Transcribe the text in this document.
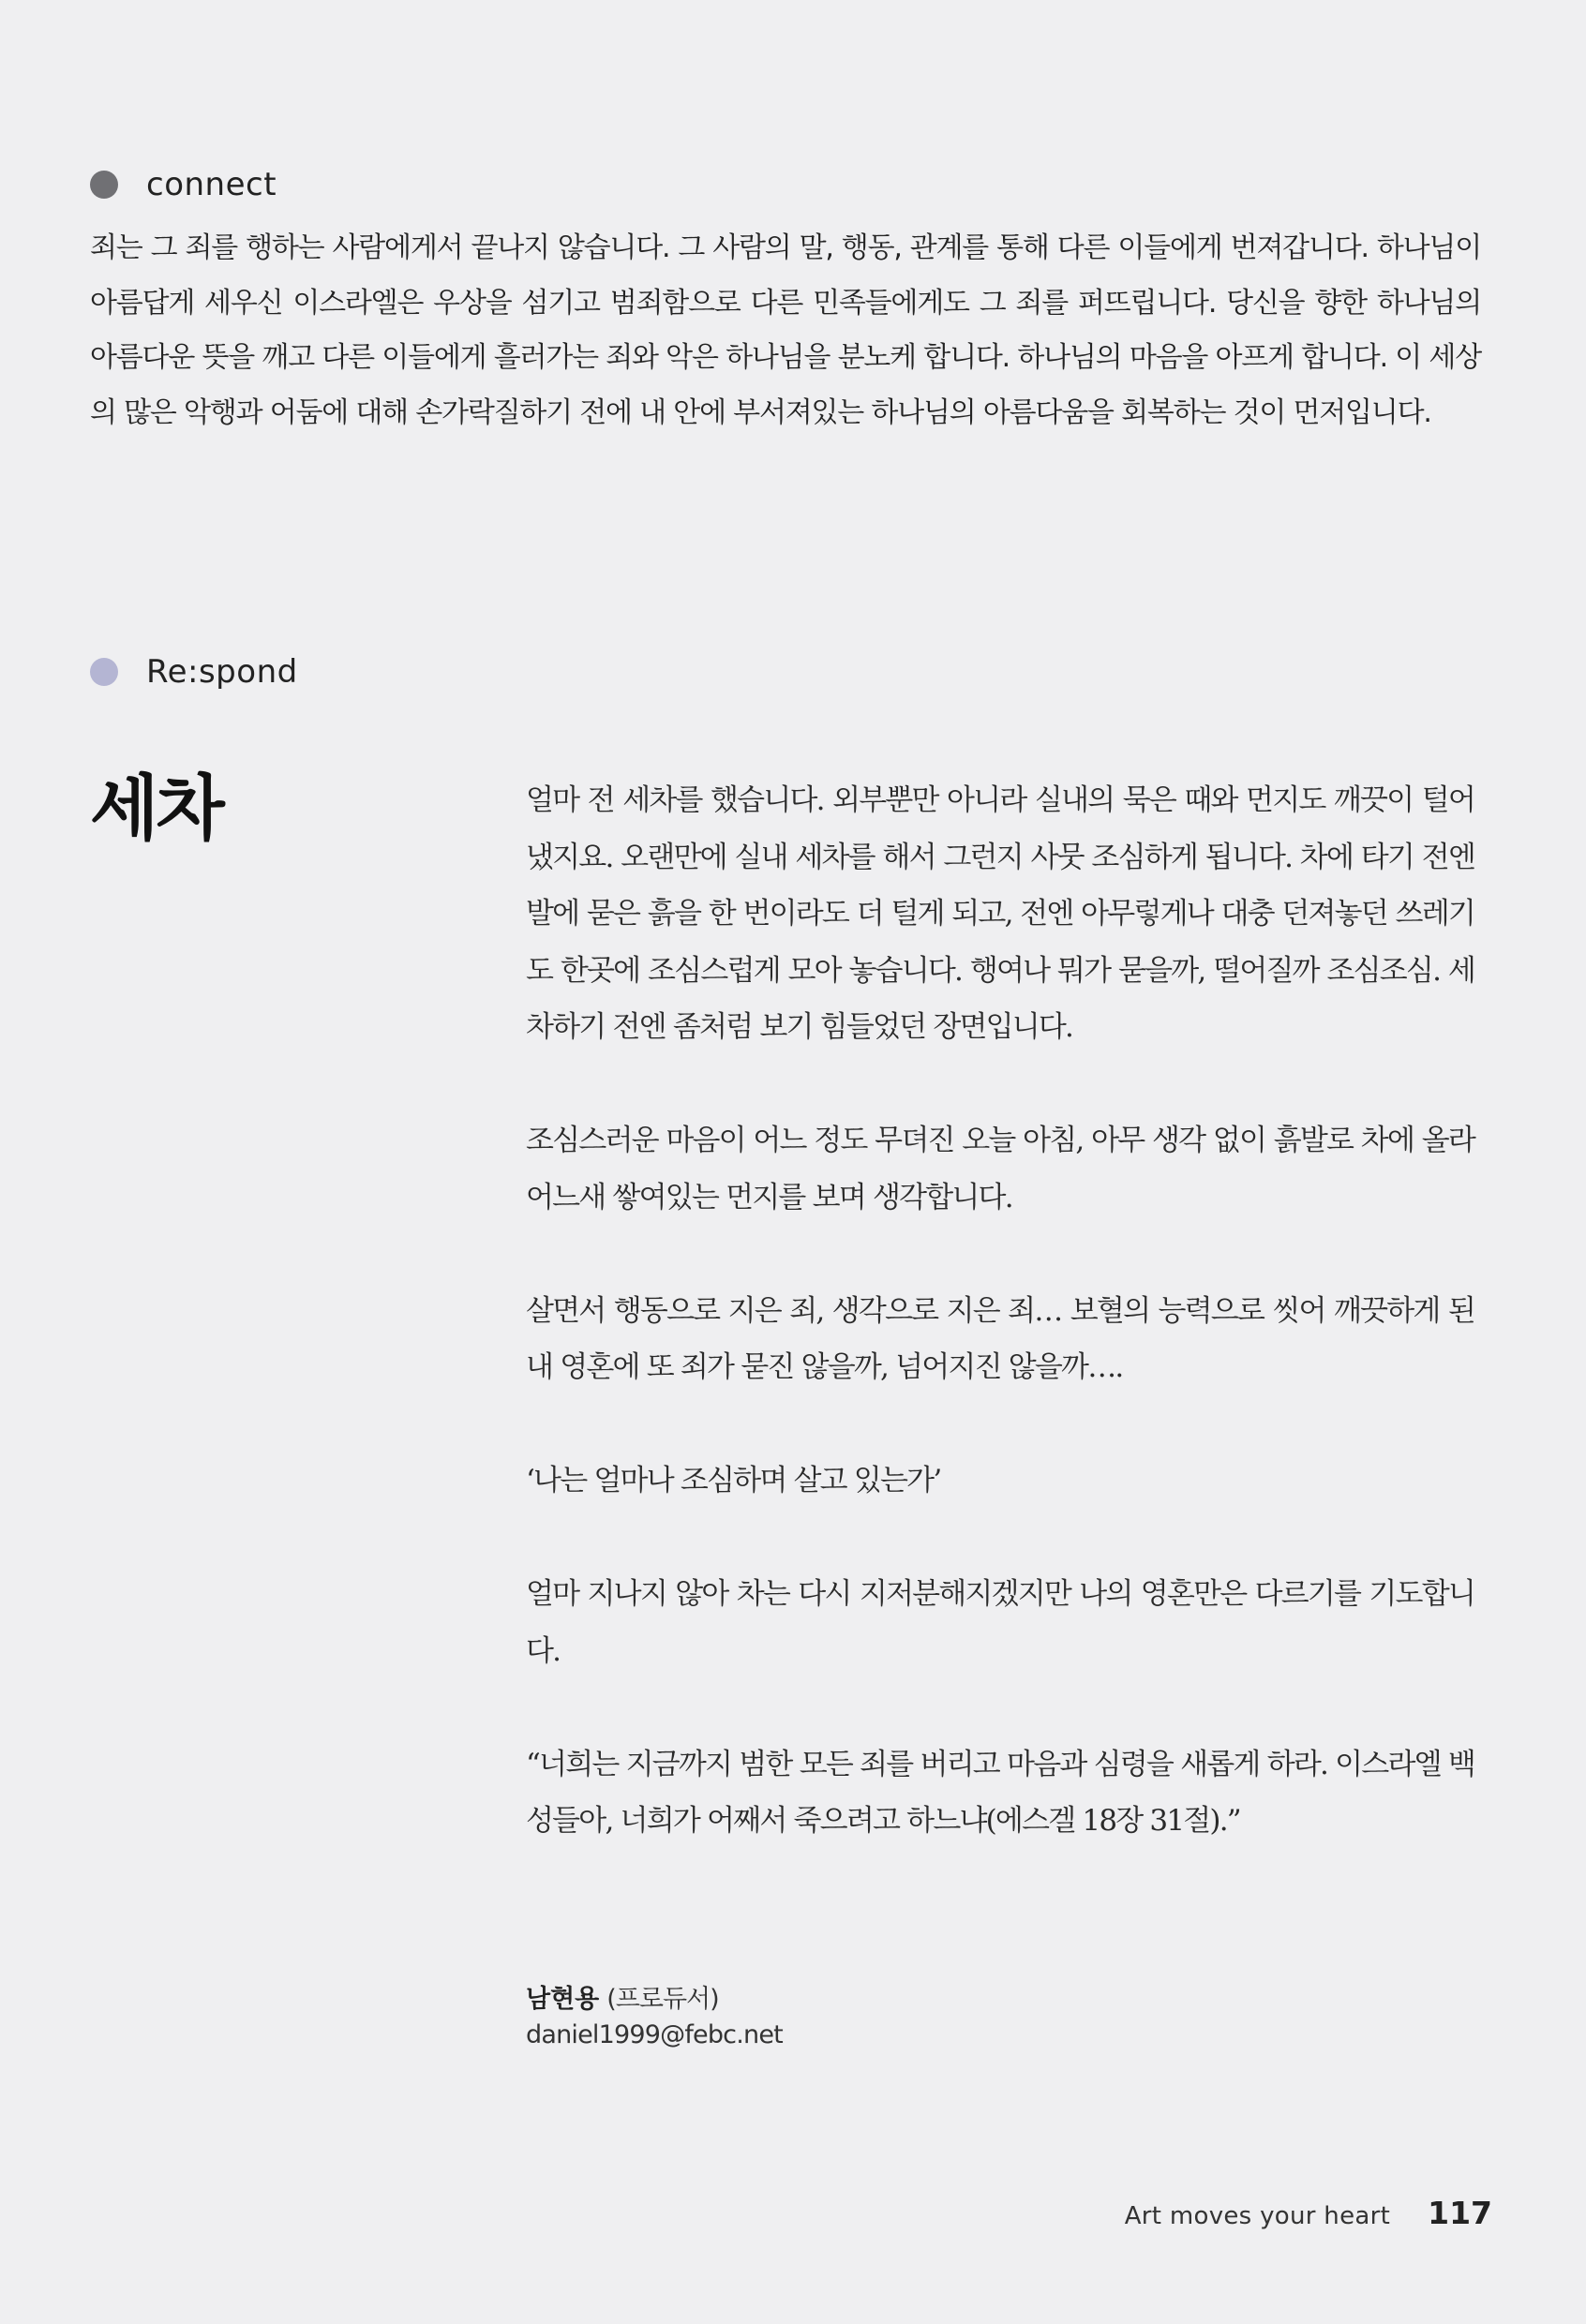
connect
죄는 그 죄를 행하는 사람에게서 끝나지 않습니다. 그 사람의 말, 행동, 관계를 통해 다른 이들에게 번져갑니다. 하나님이 아름답게 세우신 이스라엘은 우상을 섬기고 범죄함으로 다른 민족들에게도 그 죄를 퍼뜨립니다. 당신을 향한 하나님의 아름다운 뜻을 깨고 다른 이들에게 흘러가는 죄와 악은 하나님을 분노케 합니다. 하나님의 마음을 아프게 합니다. 이 세상의 많은 악행과 어둠에 대해 손가락질하기 전에 내 안에 부서져있는 하나님의 아름다움을 회복하는 것이 먼저입니다.
Re:spond
세차	얼마 전 세차를 했습니다. 외부뿐만 아니라 실내의 묵은 때와 먼지도 깨끗이 털어냈지요. 오랜만에 실내 세차를 해서 그런지 사뭇 조심하게 됩니다. 차에 타기 전엔 발에 묻은 흙을 한 번이라도 더 털게 되고, 전엔 아무렇게나 대충 던져놓던 쓰레기도 한곳에 조심스럽게 모아 놓습니다. 행여나 뭐가 묻을까, 떨어질까 조심조심. 세차하기 전엔 좀처럼 보기 힘들었던 장면입니다.

조심스러운 마음이 어느 정도 무뎌진 오늘 아침, 아무 생각 없이 흙발로 차에 올라 어느새 쌓여있는 먼지를 보며 생각합니다.

살면서 행동으로 지은 죄, 생각으로 지은 죄… 보혈의 능력으로 씻어 깨끗하게 된 내 영혼에 또 죄가 묻진 않을까, 넘어지진 않을까….

‘나는 얼마나 조심하며 살고 있는가’

얼마 지나지 않아 차는 다시 지저분해지겠지만 나의 영혼만은 다르기를 기도합니다.

“너희는 지금까지 범한 모든 죄를 버리고 마음과 심령을 새롭게 하라. 이스라엘 백성들아, 너희가 어째서 죽으려고 하느냐(에스겔 18장 31절).”

남현용 (프로듀서)
daniel1999@febc.net
Art moves your heart 117
